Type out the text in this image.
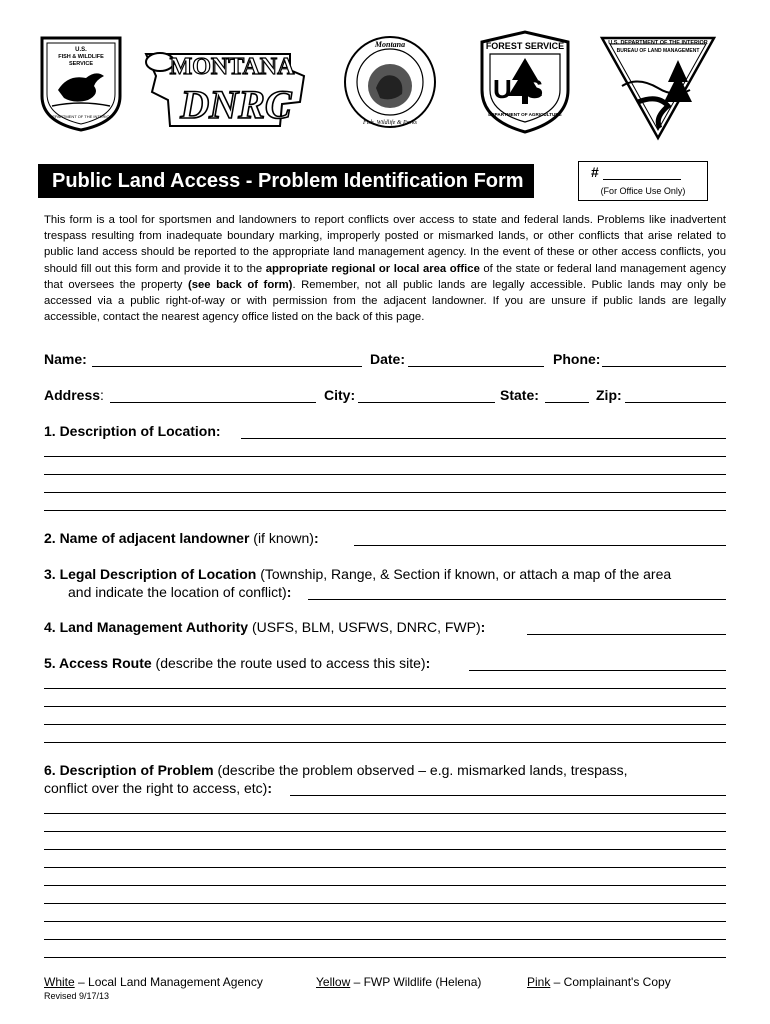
U.S.
FISH & WILDLIFE
SERVICE
DEPARTMENT OF THE INTERIOR
MONTANA
DNRC
Montana
Fish, Wildlife & Parks
FOREST SERVICE
US
DEPARTMENT OF AGRICULTURE
U.S. DEPARTMENT OF THE INTERIOR
BUREAU OF LAND MANAGEMENT
Public Land Access - Problem Identification Form	#
(For Office Use Only)
This form is a tool for sportsmen and landowners to report conflicts over access to state and federal lands. Problems like inadvertent trespass resulting from inadequate boundary marking, improperly posted or mismarked lands, or other conflicts that arise related to public land access should be reported to the appropriate land management agency. In the event of these or other access conflicts, you should fill out this form and provide it to the appropriate regional or local area office of the state or federal land management agency that oversees the property (see back of form). Remember, not all public lands are legally accessible. Public lands may only be accessed via a public right-of-way or with permission from the adjacent landowner. If you are unsure if public lands are legally accessible, contact the nearest agency office listed on the back of this page.
Name:	Date:	Phone:
Address:	City:	State:	Zip:
1. Description of Location:
2. Name of adjacent landowner (if known):
3. Legal Description of Location (Township, Range, & Section if known, or attach a map of the area
and indicate the location of conflict):
4. Land Management Authority (USFS, BLM, USFWS, DNRC, FWP):
5. Access Route (describe the route used to access this site):
6. Description of Problem (describe the problem observed – e.g. mismarked lands, trespass,
conflict over the right to access, etc):
White – Local Land Management Agency	Yellow – FWP Wildlife (Helena)	Pink – Complainant's Copy
Revised 9/17/13
